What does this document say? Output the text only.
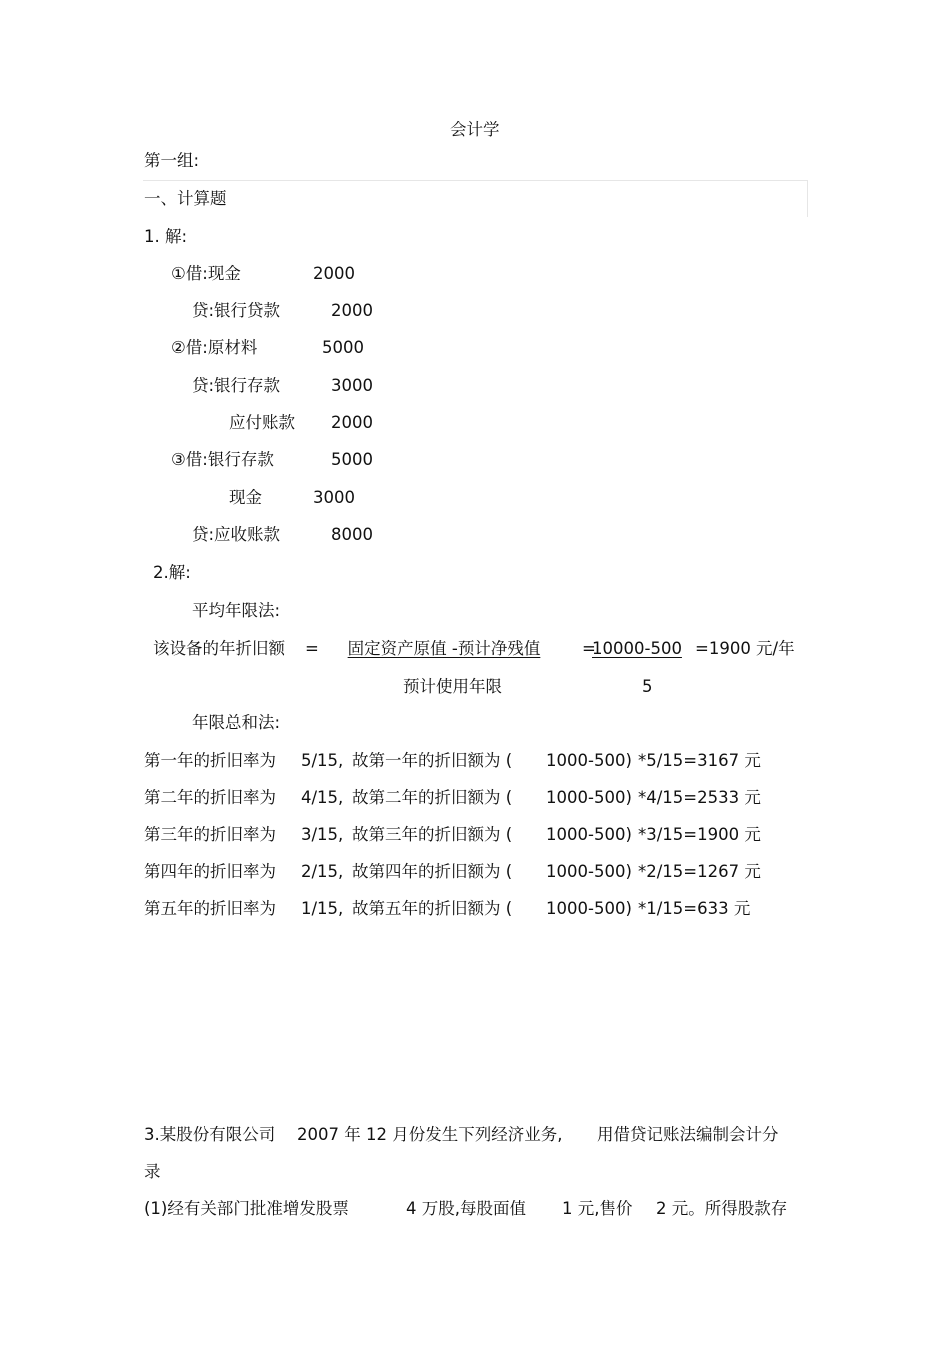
会计学
第一组:
一、计算题
1. 解:
①借:现金	2000
贷:银行贷款	2000
②借:原材料	5000
贷:银行存款	3000
应付账款 2000
③借:银行存款	5000
现金	3000
贷:应收账款	8000
2.解:
平均年限法:
该设备的年折旧额 =	固定资产原值 -预计净残值	=
10000-500 =1900 元/年
预计使用年限	5
年限总和法:
第一年的折旧率为 5/15, 故第一年的折旧额为 ( 1000-500) *5/15=3167 元
第二年的折旧率为 4/15, 故第二年的折旧额为 ( 1000-500) *4/15=2533 元
第三年的折旧率为 3/15, 故第三年的折旧额为 ( 1000-500) *3/15=1900 元
第四年的折旧率为 2/15, 故第四年的折旧额为 ( 1000-500) *2/15=1267 元
第五年的折旧率为 1/15, 故第五年的折旧额为 ( 1000-500) *1/15=633 元
3.某股份有限公司 2007 年 12 月份发生下列经济业务, 用借贷记账法编制会计分
录
(1)经有关部门批准增发股票	4 万股,每股面值 1 元,售价 2 元。所得股款存
